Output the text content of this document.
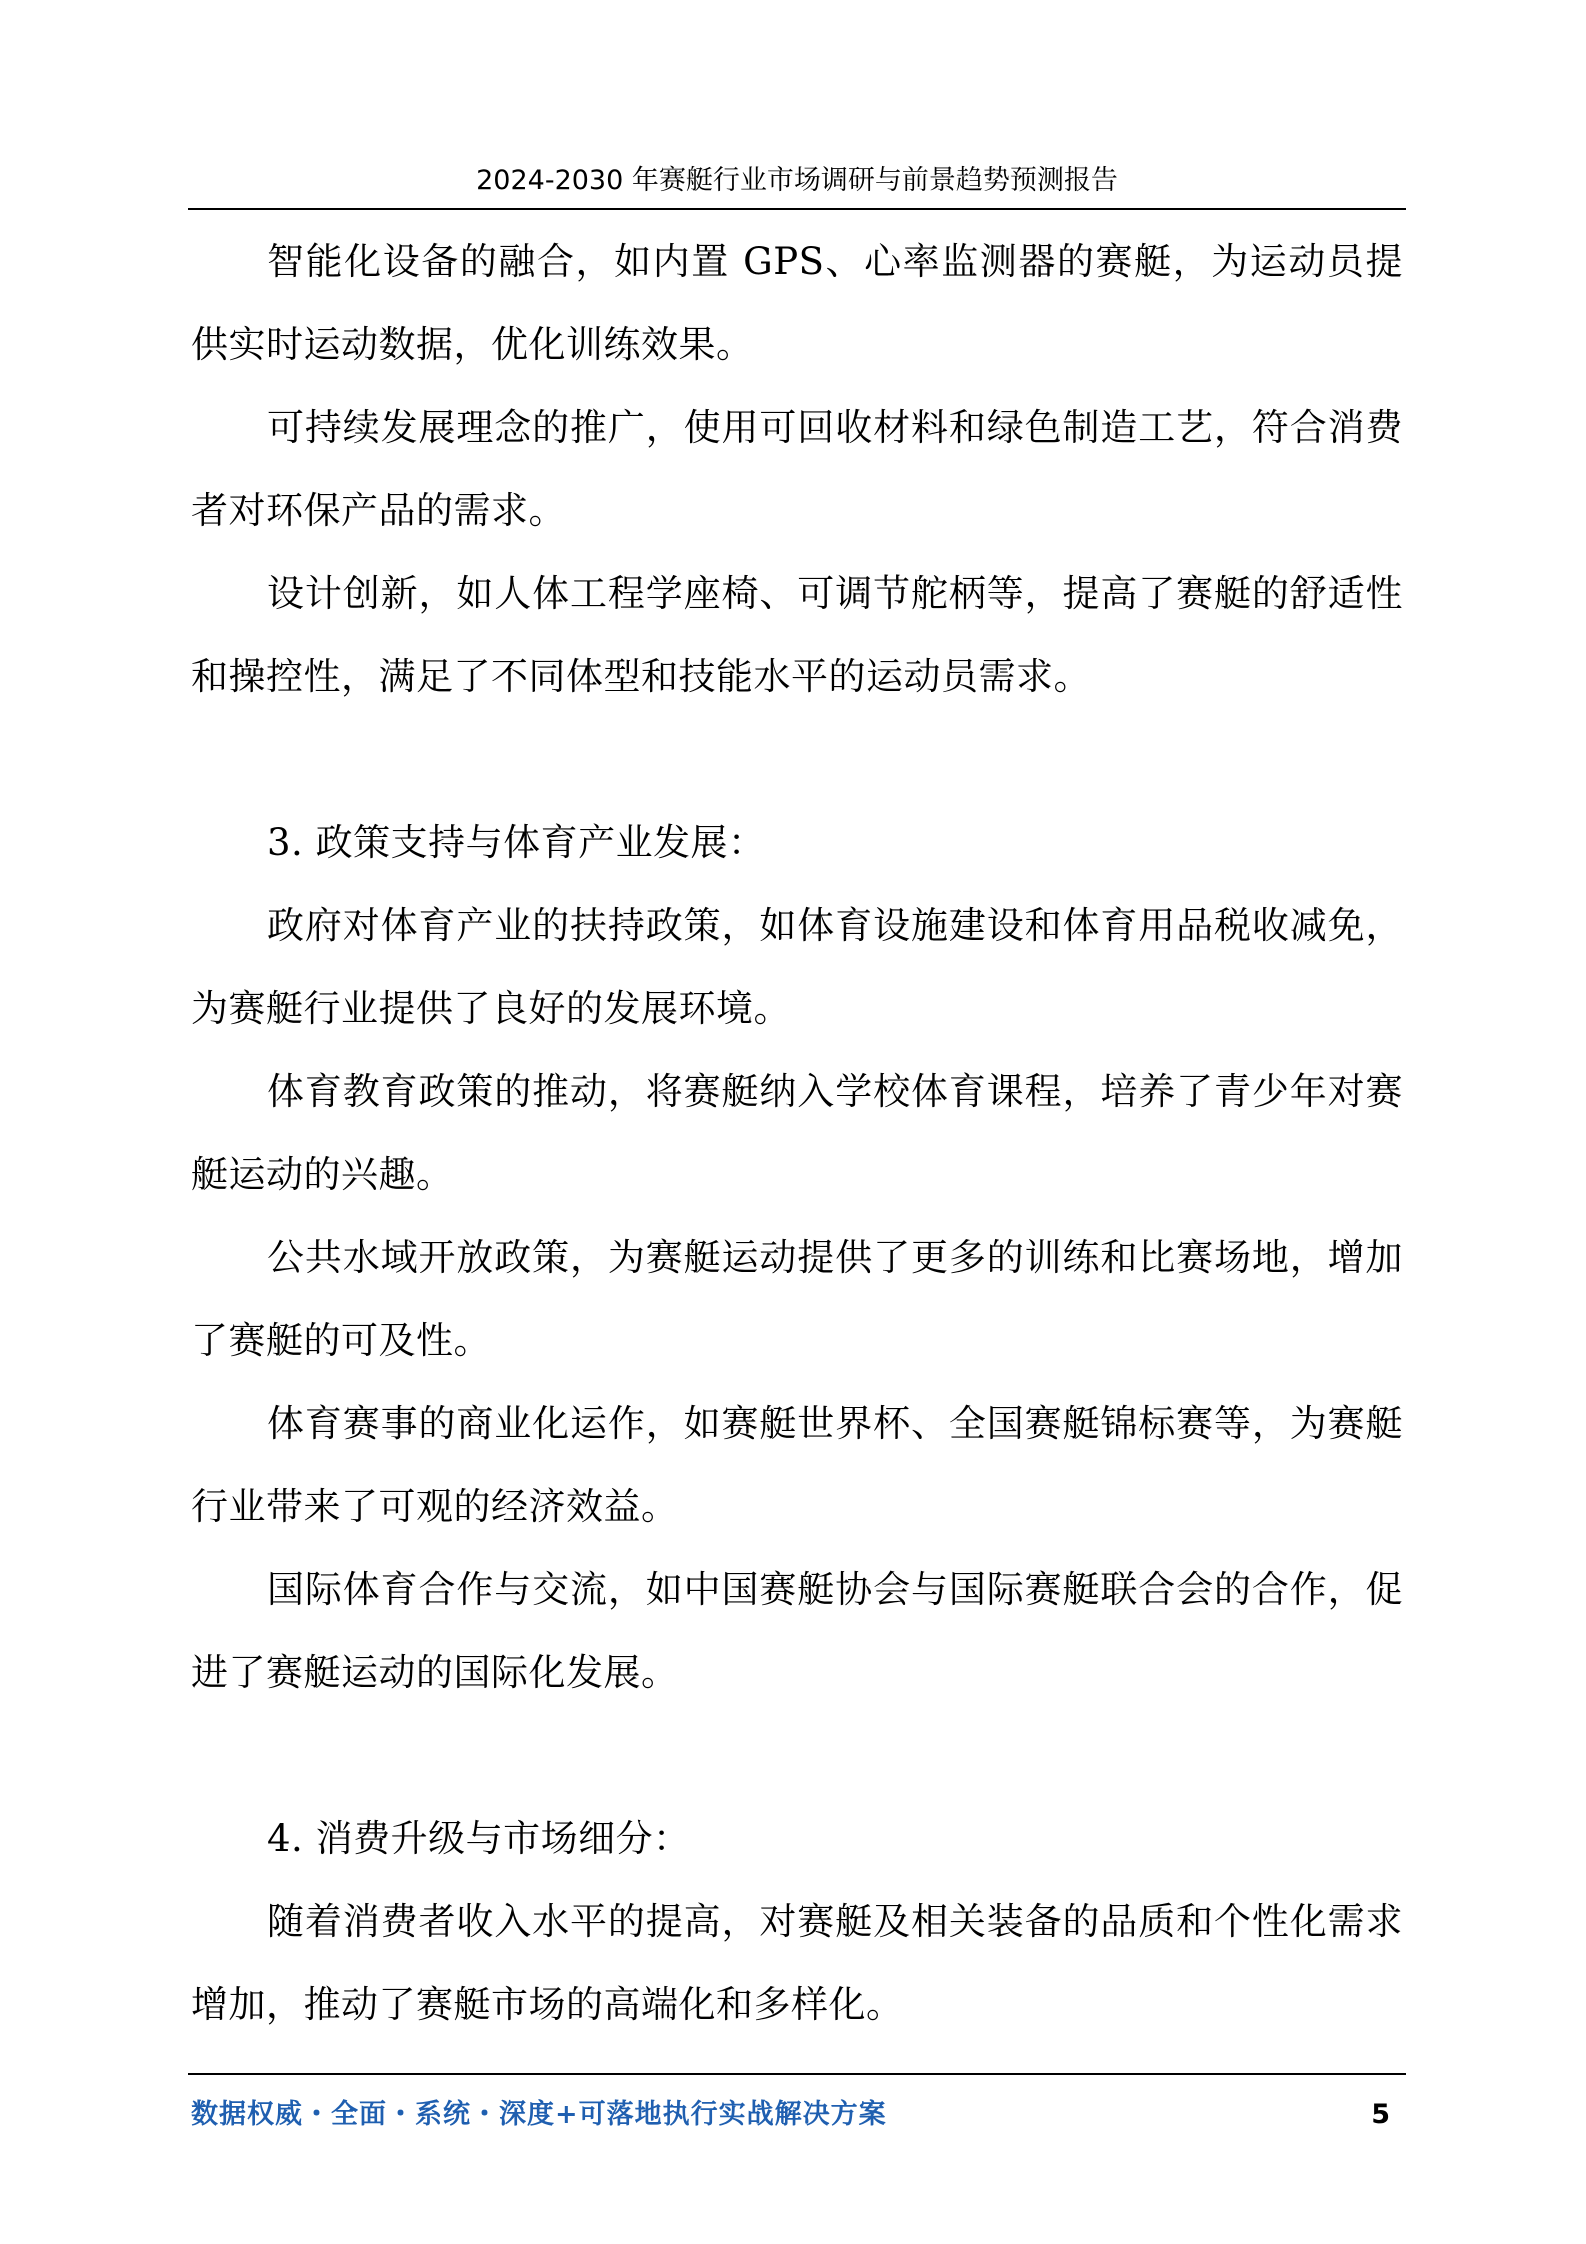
2024-2030 年赛艇行业市场调研与前景趋势预测报告

智能化设备的融合，如内置 GPS、心率监测器的赛艇，为运动员提供实时运动数据，优化训练效果。

可持续发展理念的推广，使用可回收材料和绿色制造工艺，符合消费者对环保产品的需求。

设计创新，如人体工程学座椅、可调节舵柄等，提高了赛艇的舒适性和操控性，满足了不同体型和技能水平的运动员需求。

3. 政策支持与体育产业发展：

政府对体育产业的扶持政策，如体育设施建设和体育用品税收减免，为赛艇行业提供了良好的发展环境。

体育教育政策的推动，将赛艇纳入学校体育课程，培养了青少年对赛艇运动的兴趣。

公共水域开放政策，为赛艇运动提供了更多的训练和比赛场地，增加了赛艇的可及性。

体育赛事的商业化运作，如赛艇世界杯、全国赛艇锦标赛等，为赛艇行业带来了可观的经济效益。

国际体育合作与交流，如中国赛艇协会与国际赛艇联合会的合作，促进了赛艇运动的国际化发展。

4. 消费升级与市场细分：

随着消费者收入水平的提高，对赛艇及相关装备的品质和个性化需求增加，推动了赛艇市场的高端化和多样化。

数据权威・全面・系统・深度+可落地执行实战解决方案	5
